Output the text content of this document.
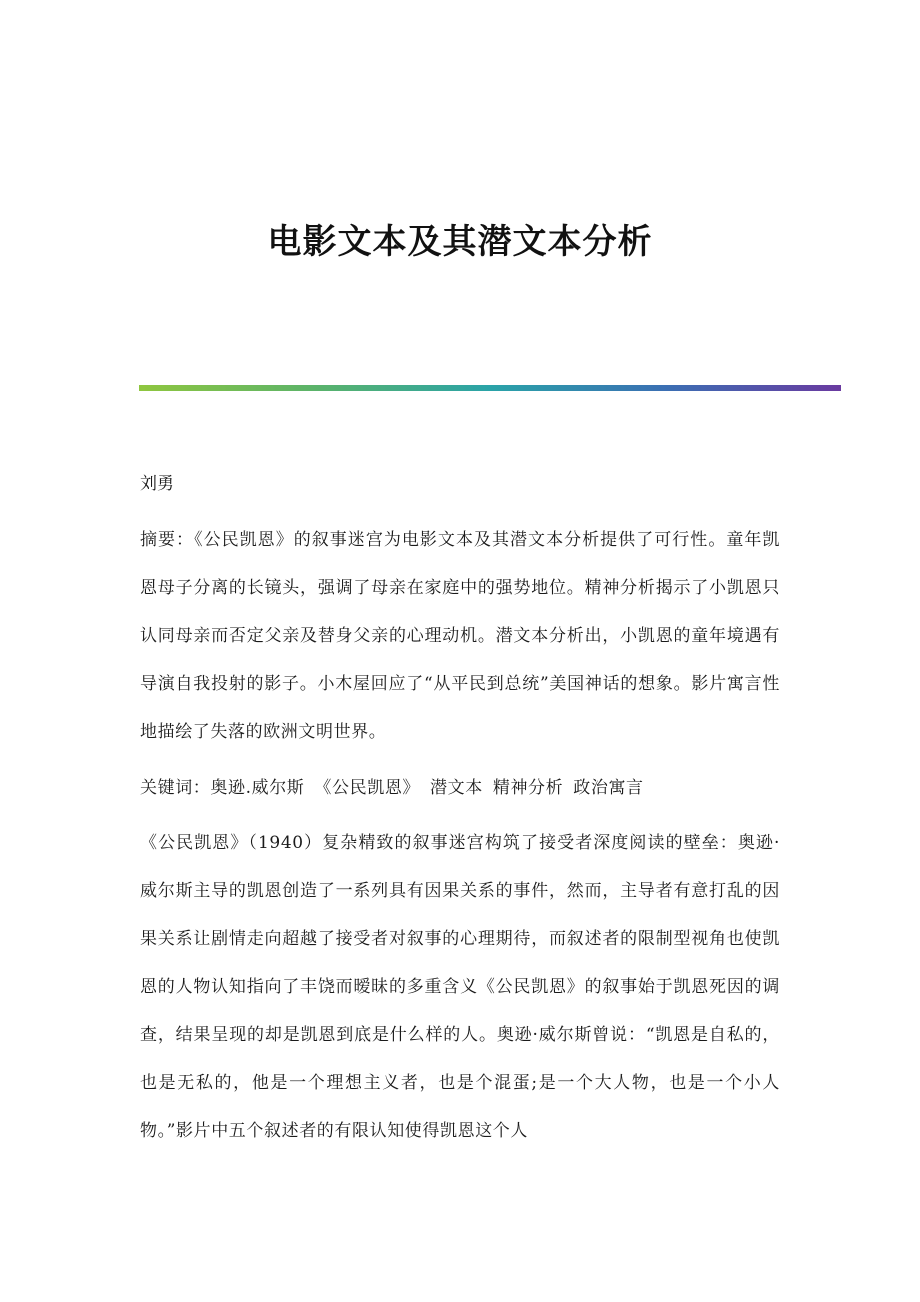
电影文本及其潜文本分析
刘勇

摘要：《公民凯恩》的叙事迷宫为电影文本及其潜文本分析提供了可行性。童年凯恩母子分离的长镜头，强调了母亲在家庭中的强势地位。精神分析揭示了小凯恩只认同母亲而否定父亲及替身父亲的心理动机。潜文本分析出，小凯恩的童年境遇有导演自我投射的影子。小木屋回应了“从平民到总统”美国神话的想象。影片寓言性地描绘了失落的欧洲文明世界。

关键词：奥逊.威尔斯 《公民凯恩》 潜文本 精神分析 政治寓言

《公民凯恩》（1940）复杂精致的叙事迷宫构筑了接受者深度阅读的壁垒：奥逊·威尔斯主导的凯恩创造了一系列具有因果关系的事件，然而，主导者有意打乱的因果关系让剧情走向超越了接受者对叙事的心理期待，而叙述者的限制型视角也使凯恩的人物认知指向了丰饶而暧昧的多重含义《公民凯恩》的叙事始于凯恩死因的调查，结果呈现的却是凯恩到底是什么样的人。奥逊·威尔斯曾说：“凯恩是自私的，也是无私的，他是一个理想主义者，也是个混蛋;是一个大人物，也是一个小人物。”影片中五个叙述者的有限认知使得凯恩这个人
